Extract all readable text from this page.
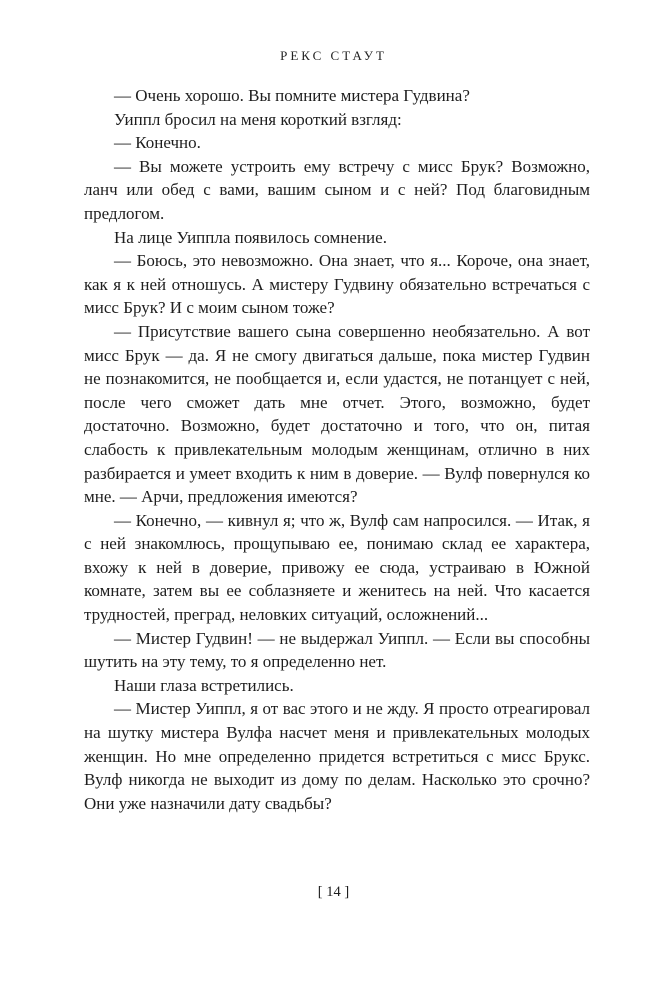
РЕКС СТАУТ

— Очень хорошо. Вы помните мистера Гудвина?

Уиппл бросил на меня короткий взгляд:

— Конечно.

— Вы можете устроить ему встречу с мисс Брук? Возможно, ланч или обед с вами, вашим сыном и с ней? Под благовидным предлогом.

На лице Уиппла появилось сомнение.

— Боюсь, это невозможно. Она знает, что я... Короче, она знает, как я к ней отношусь. А мистеру Гудвину обязательно встречаться с мисс Брук? И с моим сыном тоже?

— Присутствие вашего сына совершенно необязательно. А вот мисс Брук — да. Я не смогу двигаться дальше, пока мистер Гудвин не познакомится, не пообщается и, если удастся, не потанцует с ней, после чего сможет дать мне отчет. Этого, возможно, будет достаточно. Возможно, будет достаточно и того, что он, питая слабость к привлекательным молодым женщинам, отлично в них разбирается и умеет входить к ним в доверие. — Вулф повернулся ко мне. — Арчи, предложения имеются?

— Конечно, — кивнул я; что ж, Вулф сам напросился. — Итак, я с ней знакомлюсь, прощупываю ее, понимаю склад ее характера, вхожу к ней в доверие, привожу ее сюда, устраиваю в Южной комнате, затем вы ее соблазняете и женитесь на ней. Что касается трудностей, преград, неловких ситуаций, осложнений...

— Мистер Гудвин! — не выдержал Уиппл. — Если вы способны шутить на эту тему, то я определенно нет.

Наши глаза встретились.

— Мистер Уиппл, я от вас этого и не жду. Я просто отреагировал на шутку мистера Вулфа насчет меня и привлекательных молодых женщин. Но мне определенно придется встретиться с мисс Брукс. Вулф никогда не выходит из дому по делам. Насколько это срочно? Они уже назначили дату свадьбы?

[ 14 ]
